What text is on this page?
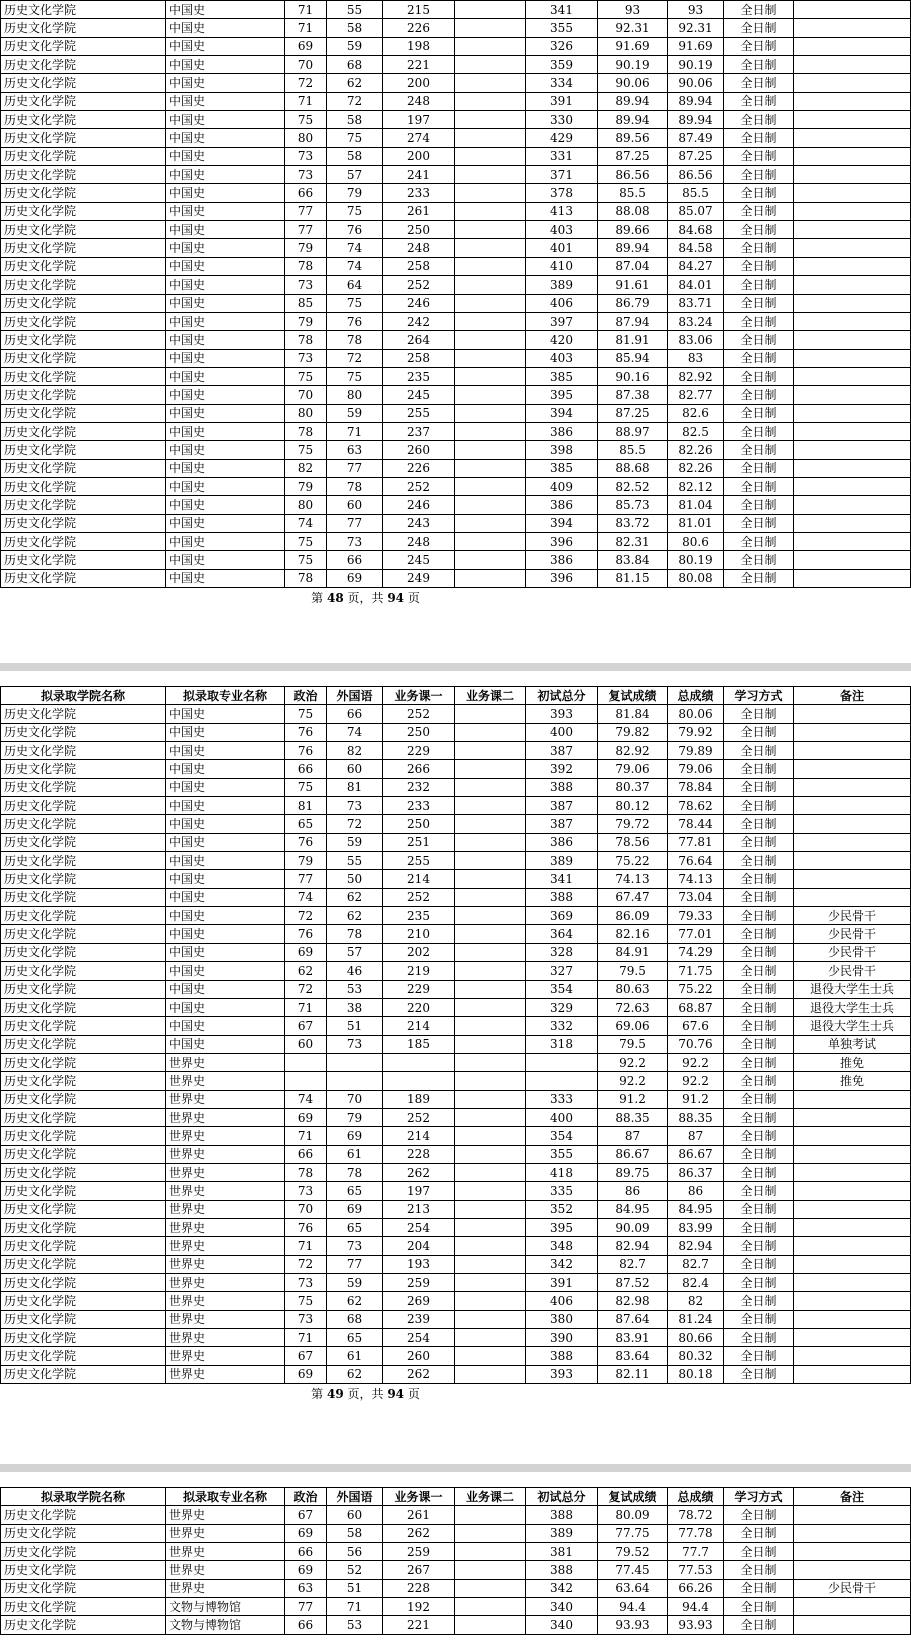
历史文化学院	中国史	71	55	215		341	93	93	全日制	
历史文化学院	中国史	71	58	226		355	92.31	92.31	全日制	
历史文化学院	中国史	69	59	198		326	91.69	91.69	全日制	
历史文化学院	中国史	70	68	221		359	90.19	90.19	全日制	
历史文化学院	中国史	72	62	200		334	90.06	90.06	全日制	
历史文化学院	中国史	71	72	248		391	89.94	89.94	全日制	
历史文化学院	中国史	75	58	197		330	89.94	89.94	全日制	
历史文化学院	中国史	80	75	274		429	89.56	87.49	全日制	
历史文化学院	中国史	73	58	200		331	87.25	87.25	全日制	
历史文化学院	中国史	73	57	241		371	86.56	86.56	全日制	
历史文化学院	中国史	66	79	233		378	85.5	85.5	全日制	
历史文化学院	中国史	77	75	261		413	88.08	85.07	全日制	
历史文化学院	中国史	77	76	250		403	89.66	84.68	全日制	
历史文化学院	中国史	79	74	248		401	89.94	84.58	全日制	
历史文化学院	中国史	78	74	258		410	87.04	84.27	全日制	
历史文化学院	中国史	73	64	252		389	91.61	84.01	全日制	
历史文化学院	中国史	85	75	246		406	86.79	83.71	全日制	
历史文化学院	中国史	79	76	242		397	87.94	83.24	全日制	
历史文化学院	中国史	78	78	264		420	81.91	83.06	全日制	
历史文化学院	中国史	73	72	258		403	85.94	83	全日制	
历史文化学院	中国史	75	75	235		385	90.16	82.92	全日制	
历史文化学院	中国史	70	80	245		395	87.38	82.77	全日制	
历史文化学院	中国史	80	59	255		394	87.25	82.6	全日制	
历史文化学院	中国史	78	71	237		386	88.97	82.5	全日制	
历史文化学院	中国史	75	63	260		398	85.5	82.26	全日制	
历史文化学院	中国史	82	77	226		385	88.68	82.26	全日制	
历史文化学院	中国史	79	78	252		409	82.52	82.12	全日制	
历史文化学院	中国史	80	60	246		386	85.73	81.04	全日制	
历史文化学院	中国史	74	77	243		394	83.72	81.01	全日制	
历史文化学院	中国史	75	73	248		396	82.31	80.6	全日制	
历史文化学院	中国史	75	66	245		386	83.84	80.19	全日制	
历史文化学院	中国史	78	69	249		396	81.15	80.08	全日制	
第 48 页，共 94 页
拟录取学院名称	拟录取专业名称	政治	外国语	业务课一	业务课二	初试总分	复试成绩	总成绩	学习方式	备注
历史文化学院	中国史	75	66	252		393	81.84	80.06	全日制	
历史文化学院	中国史	76	74	250		400	79.82	79.92	全日制	
历史文化学院	中国史	76	82	229		387	82.92	79.89	全日制	
历史文化学院	中国史	66	60	266		392	79.06	79.06	全日制	
历史文化学院	中国史	75	81	232		388	80.37	78.84	全日制	
历史文化学院	中国史	81	73	233		387	80.12	78.62	全日制	
历史文化学院	中国史	65	72	250		387	79.72	78.44	全日制	
历史文化学院	中国史	76	59	251		386	78.56	77.81	全日制	
历史文化学院	中国史	79	55	255		389	75.22	76.64	全日制	
历史文化学院	中国史	77	50	214		341	74.13	74.13	全日制	
历史文化学院	中国史	74	62	252		388	67.47	73.04	全日制	
历史文化学院	中国史	72	62	235		369	86.09	79.33	全日制	少民骨干
历史文化学院	中国史	76	78	210		364	82.16	77.01	全日制	少民骨干
历史文化学院	中国史	69	57	202		328	84.91	74.29	全日制	少民骨干
历史文化学院	中国史	62	46	219		327	79.5	71.75	全日制	少民骨干
历史文化学院	中国史	72	53	229		354	80.63	75.22	全日制	退役大学生士兵
历史文化学院	中国史	71	38	220		329	72.63	68.87	全日制	退役大学生士兵
历史文化学院	中国史	67	51	214		332	69.06	67.6	全日制	退役大学生士兵
历史文化学院	中国史	60	73	185		318	79.5	70.76	全日制	单独考试
历史文化学院	世界史						92.2	92.2	全日制	推免
历史文化学院	世界史						92.2	92.2	全日制	推免
历史文化学院	世界史	74	70	189		333	91.2	91.2	全日制	
历史文化学院	世界史	69	79	252		400	88.35	88.35	全日制	
历史文化学院	世界史	71	69	214		354	87	87	全日制	
历史文化学院	世界史	66	61	228		355	86.67	86.67	全日制	
历史文化学院	世界史	78	78	262		418	89.75	86.37	全日制	
历史文化学院	世界史	73	65	197		335	86	86	全日制	
历史文化学院	世界史	70	69	213		352	84.95	84.95	全日制	
历史文化学院	世界史	76	65	254		395	90.09	83.99	全日制	
历史文化学院	世界史	71	73	204		348	82.94	82.94	全日制	
历史文化学院	世界史	72	77	193		342	82.7	82.7	全日制	
历史文化学院	世界史	73	59	259		391	87.52	82.4	全日制	
历史文化学院	世界史	75	62	269		406	82.98	82	全日制	
历史文化学院	世界史	73	68	239		380	87.64	81.24	全日制	
历史文化学院	世界史	71	65	254		390	83.91	80.66	全日制	
历史文化学院	世界史	67	61	260		388	83.64	80.32	全日制	
历史文化学院	世界史	69	62	262		393	82.11	80.18	全日制	
第 49 页，共 94 页
拟录取学院名称	拟录取专业名称	政治	外国语	业务课一	业务课二	初试总分	复试成绩	总成绩	学习方式	备注
历史文化学院	世界史	67	60	261		388	80.09	78.72	全日制	
历史文化学院	世界史	69	58	262		389	77.75	77.78	全日制	
历史文化学院	世界史	66	56	259		381	79.52	77.7	全日制	
历史文化学院	世界史	69	52	267		388	77.45	77.53	全日制	
历史文化学院	世界史	63	51	228		342	63.64	66.26	全日制	少民骨干
历史文化学院	文物与博物馆	77	71	192		340	94.4	94.4	全日制	
历史文化学院	文物与博物馆	66	53	221		340	93.93	93.93	全日制	
